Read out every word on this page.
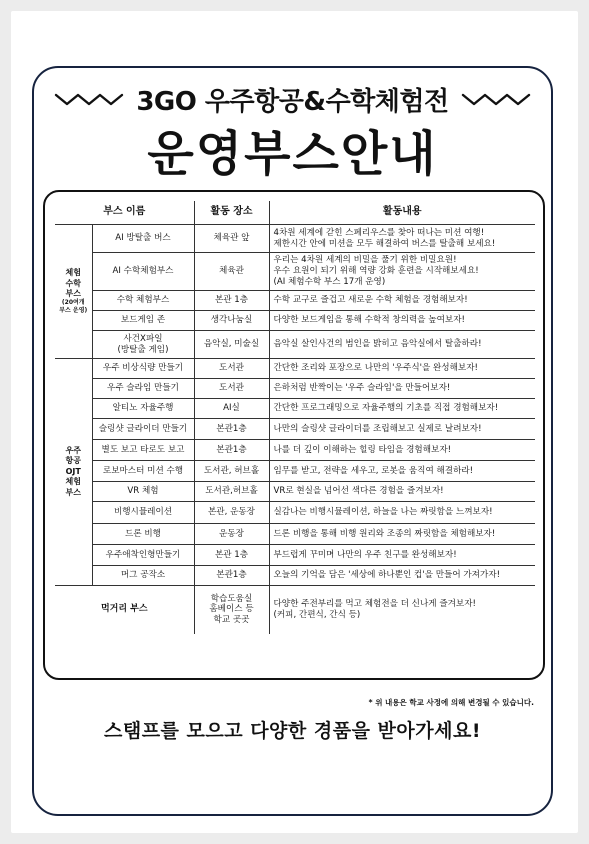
3GO 우주항공&수학체험전
운영부스안내
부스 이름		활동 장소	활동내용
체험
수학
부스
(20여개
부스 운영)	AI 방탈출 버스	체육관 앞	4차원 세계에 갇힌 스페리우스를 찾아 떠나는 미션 여행!
제한시간 안에 미션을 모두 해결하여 버스를 탈출해 보세요!
	AI 수학체험부스	체육관	우리는 4차원 세계의 비밀을 풀기 위한 비밀요원!
우수 요원이 되기 위해 역량 강화 훈련을 시작해보세요!
(AI 체험수학 부스 17개 운영)
	수학 체험부스	본관 1층	수학 교구로 즐겁고 새로운 수학 체험을 경험해보자!
	보드게임 존	생각나눔실	다양한 보드게임을 통해 수학적 창의력을 높여보자!
	사건X파일
(방탈출 게임)	음악실, 미술실	음악실 살인사건의 범인을 밝히고 음악실에서 탈출하라!
우주
항공
OJT
체험
부스	우주 비상식량 만들기	도서관	간단한 조리와 포장으로 나만의 '우주식'을 완성해보자!
	우주 슬라임 만들기	도서관	은하처럼 반짝이는 '우주 슬라임'을 만들어보자!
	알티노 자율주행	AI실	간단한 프로그래밍으로 자율주행의 기초를 직접 경험해보자!
	슬링샷 글라이더 만들기	본관1층	나만의 슬링샷 글라이더를 조립해보고 실제로 날려보자!
	별도 보고 타로도 보고	본관1층	나를 더 깊이 이해하는 힐링 타임을 경험해보자!
	로보마스터 미션 수행	도서관, 허브홀	임무를 받고, 전략을 세우고, 로봇을 움직여 해결하라!
	VR 체험	도서관,허브홀	VR로 현실을 넘어선 색다른 경험을 즐겨보자!
	비행시뮬레이션	본관, 운동장	실감나는 비행시뮬레이션, 하늘을 나는 짜릿함을 느껴보자!
	드론 비행	운동장	드론 비행을 통해 비행 원리와 조종의 짜릿함을 체험해보자!
	우주애착인형만들기	본관 1층	부드럽게 꾸미며 나만의 우주 친구를 완성해보자!
	머그 공작소	본관1층	오늘의 기억을 담은 '세상에 하나뿐인 컵'을 만들어 가져가자!
먹거리 부스		학습도움실
홈베이스 등
학교 곳곳	다양한 주전부리를 먹고 체험전을 더 신나게 즐겨보자!
(커피, 간편식, 간식 등)
* 위 내용은 학교 사정에 의해 변경될 수 있습니다.
스탬프를 모으고 다양한 경품을 받아가세요!
